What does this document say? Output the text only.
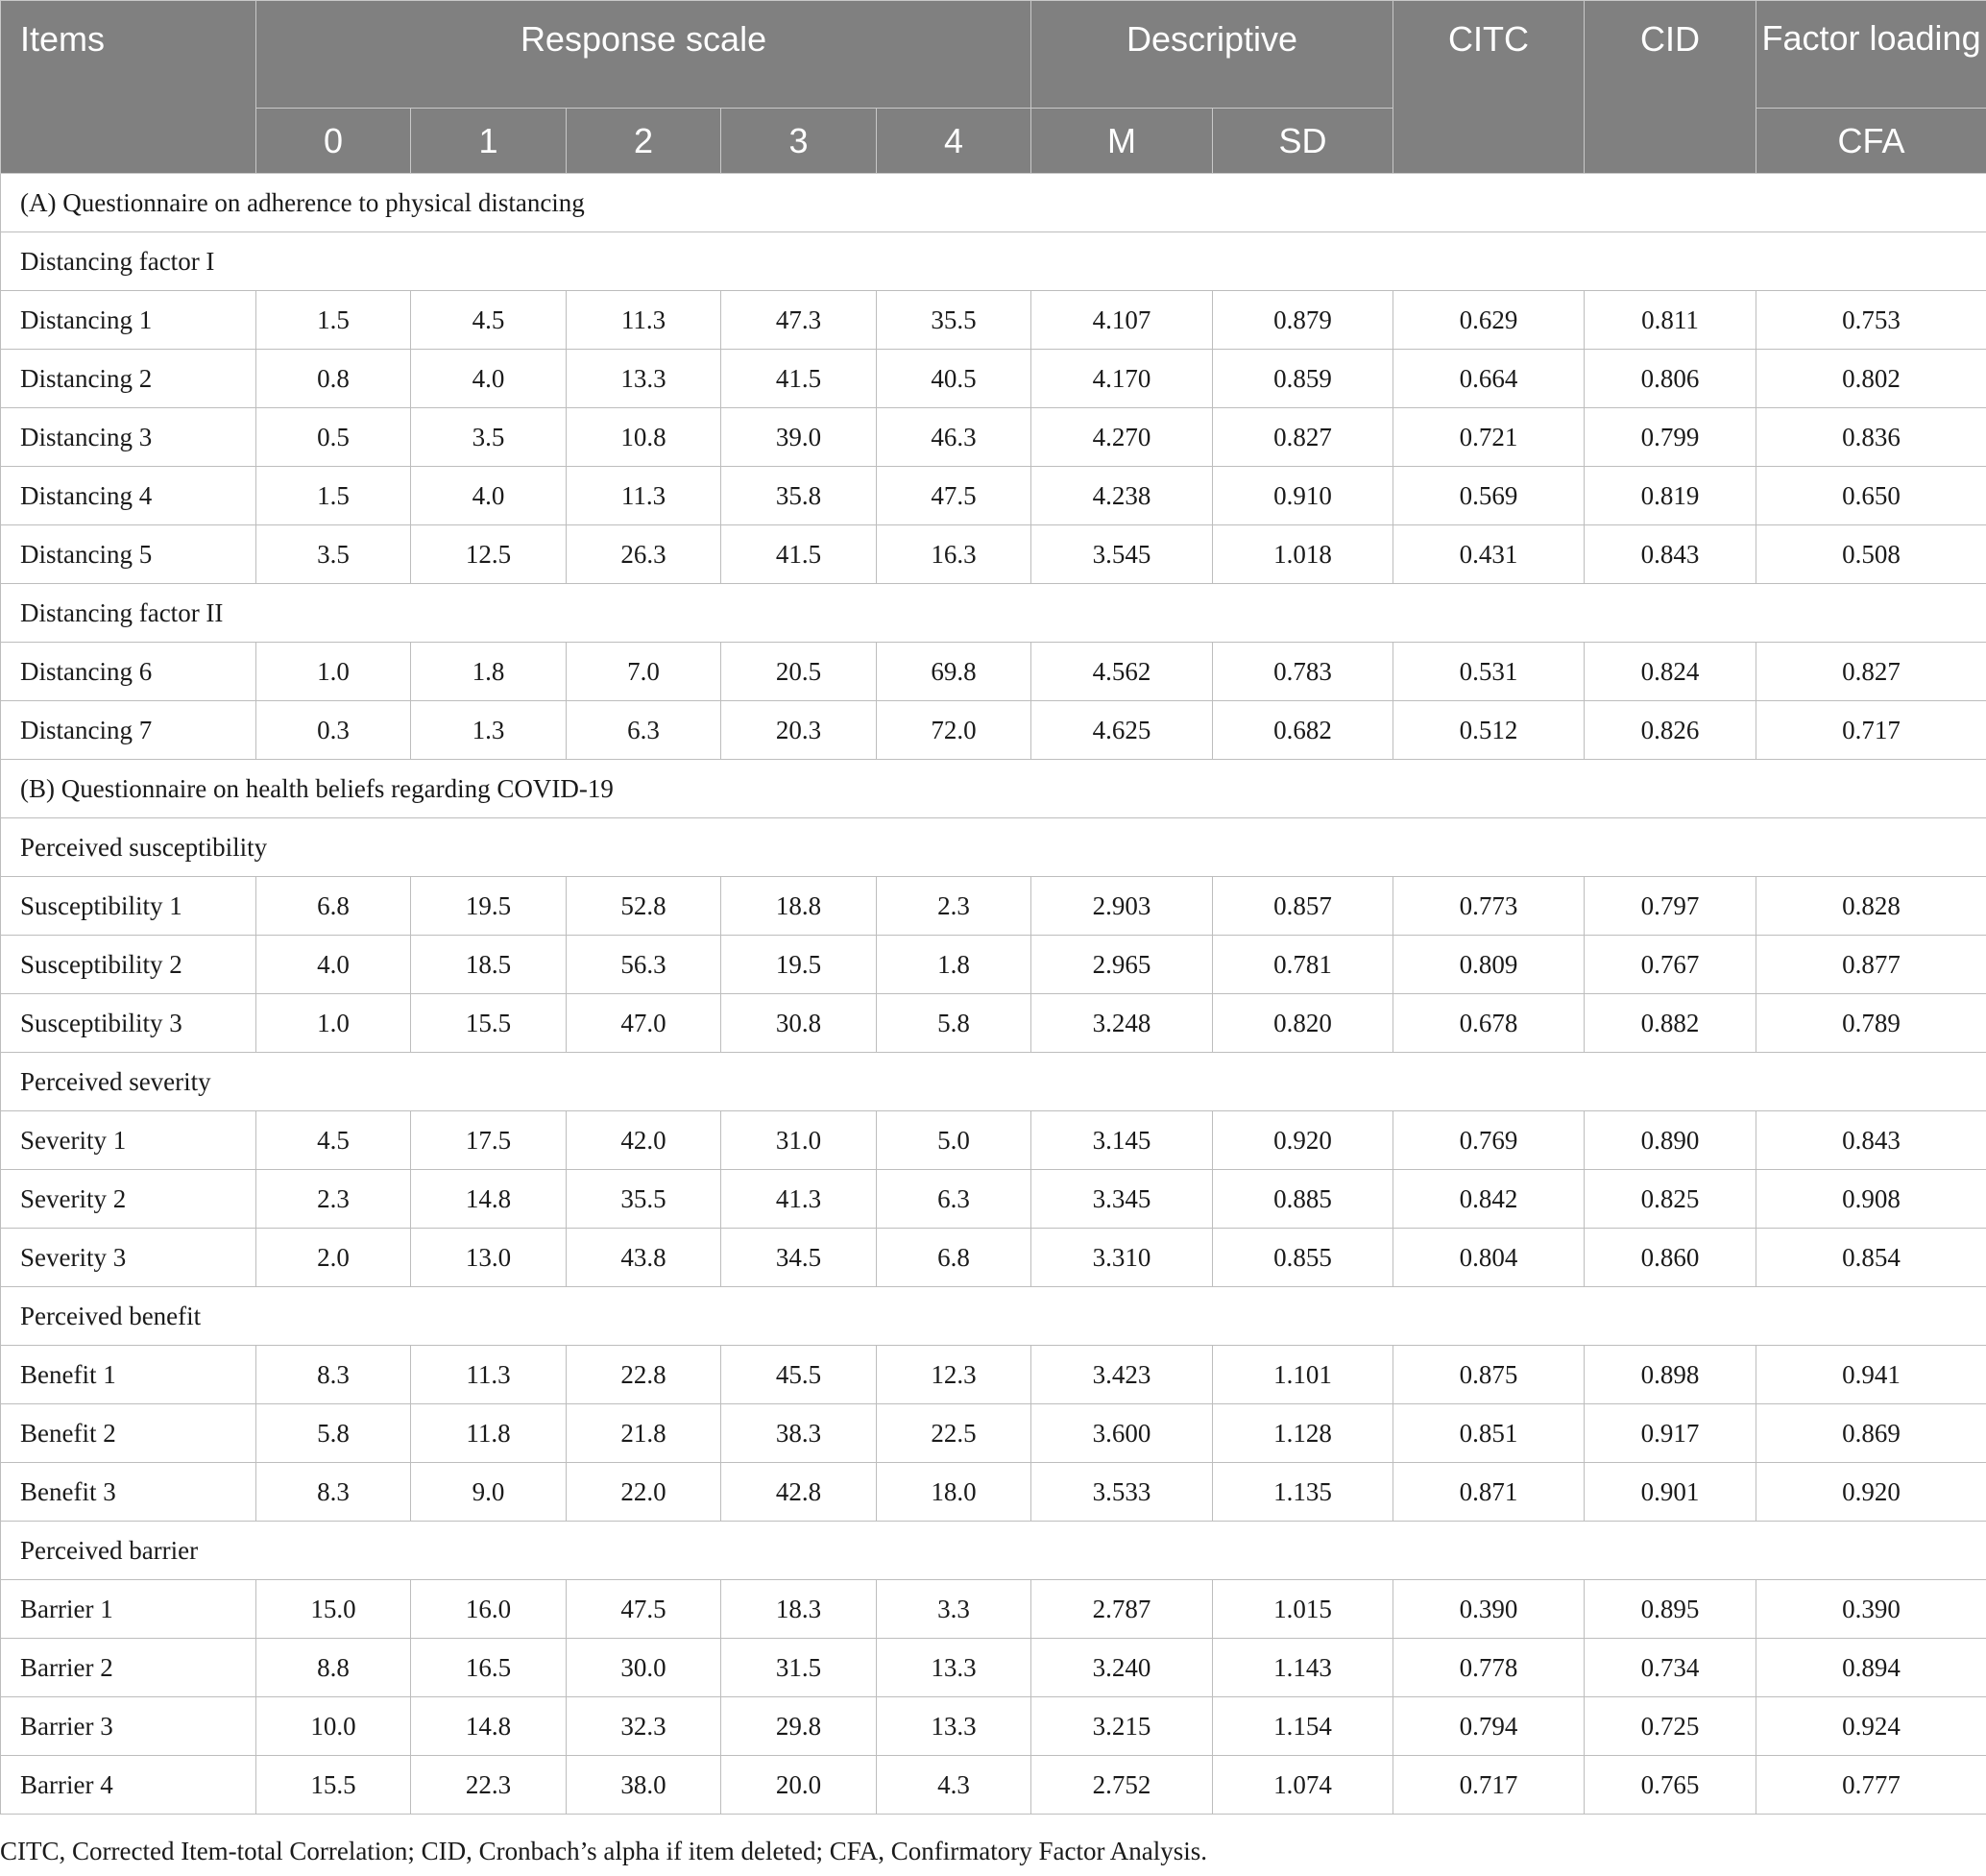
Items	Response scale					Descriptive		CITC	CID	Factor loading
	0	1	2	3	4	M	SD			CFA
(A) Questionnaire on adherence to physical distancing										
Distancing factor I										
Distancing 1	1.5	4.5	11.3	47.3	35.5	4.107	0.879	0.629	0.811	0.753
Distancing 2	0.8	4.0	13.3	41.5	40.5	4.170	0.859	0.664	0.806	0.802
Distancing 3	0.5	3.5	10.8	39.0	46.3	4.270	0.827	0.721	0.799	0.836
Distancing 4	1.5	4.0	11.3	35.8	47.5	4.238	0.910	0.569	0.819	0.650
Distancing 5	3.5	12.5	26.3	41.5	16.3	3.545	1.018	0.431	0.843	0.508
Distancing factor II										
Distancing 6	1.0	1.8	7.0	20.5	69.8	4.562	0.783	0.531	0.824	0.827
Distancing 7	0.3	1.3	6.3	20.3	72.0	4.625	0.682	0.512	0.826	0.717
(B) Questionnaire on health beliefs regarding COVID-19										
Perceived susceptibility										
Susceptibility 1	6.8	19.5	52.8	18.8	2.3	2.903	0.857	0.773	0.797	0.828
Susceptibility 2	4.0	18.5	56.3	19.5	1.8	2.965	0.781	0.809	0.767	0.877
Susceptibility 3	1.0	15.5	47.0	30.8	5.8	3.248	0.820	0.678	0.882	0.789
Perceived severity										
Severity 1	4.5	17.5	42.0	31.0	5.0	3.145	0.920	0.769	0.890	0.843
Severity 2	2.3	14.8	35.5	41.3	6.3	3.345	0.885	0.842	0.825	0.908
Severity 3	2.0	13.0	43.8	34.5	6.8	3.310	0.855	0.804	0.860	0.854
Perceived benefit										
Benefit 1	8.3	11.3	22.8	45.5	12.3	3.423	1.101	0.875	0.898	0.941
Benefit 2	5.8	11.8	21.8	38.3	22.5	3.600	1.128	0.851	0.917	0.869
Benefit 3	8.3	9.0	22.0	42.8	18.0	3.533	1.135	0.871	0.901	0.920
Perceived barrier										
Barrier 1	15.0	16.0	47.5	18.3	3.3	2.787	1.015	0.390	0.895	0.390
Barrier 2	8.8	16.5	30.0	31.5	13.3	3.240	1.143	0.778	0.734	0.894
Barrier 3	10.0	14.8	32.3	29.8	13.3	3.215	1.154	0.794	0.725	0.924
Barrier 4	15.5	22.3	38.0	20.0	4.3	2.752	1.074	0.717	0.765	0.777
CITC, Corrected Item-total Correlation; CID, Cronbach’s alpha if item deleted; CFA, Confirmatory Factor Analysis.
